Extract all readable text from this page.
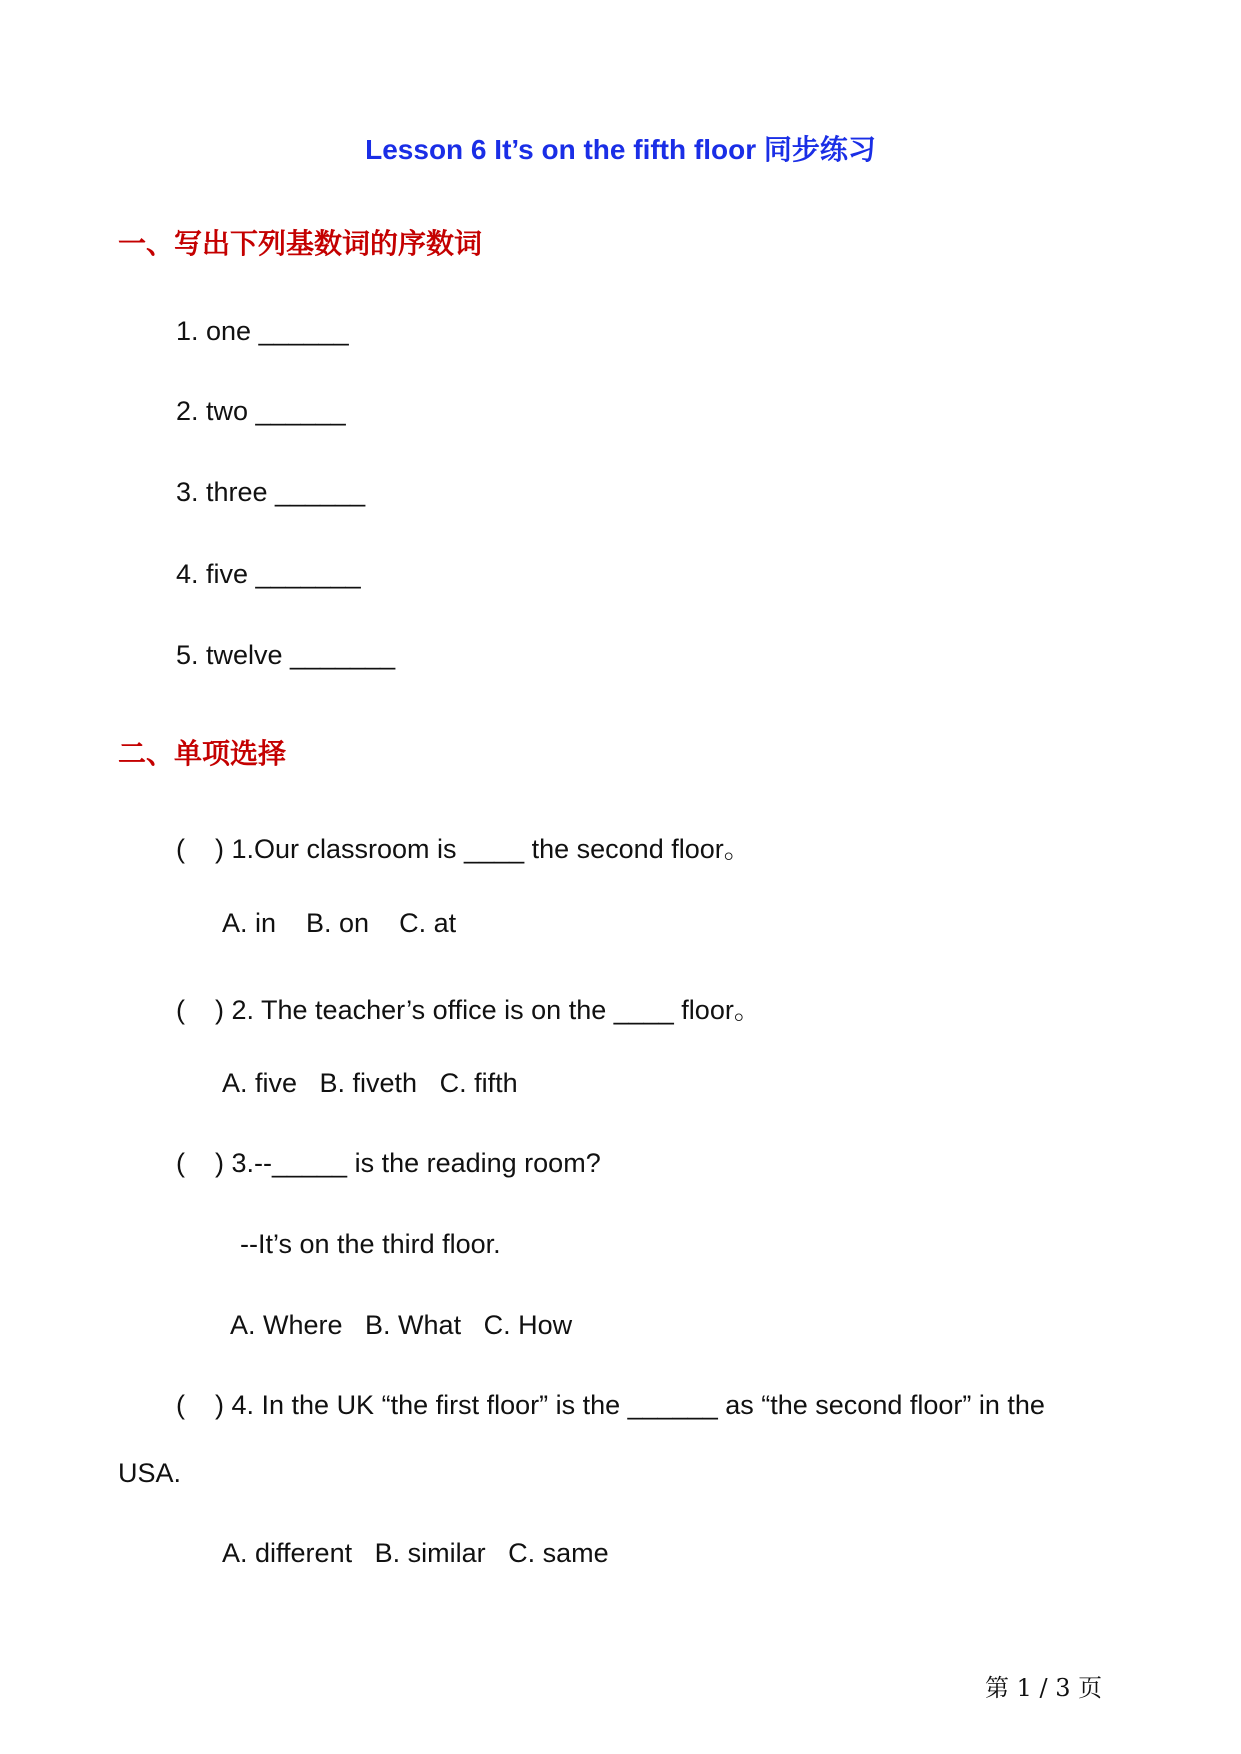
Lesson 6 It’s on the fifth floor 同步练习
一、写出下列基数词的序数词
1. one ______
2. two ______
3. three ______
4. five _______
5. twelve _______
二、单项选择
(    ) 1.Our classroom is ____ the second floor。
A. in    B. on    C. at
(    ) 2. The teacher’s office is on the ____ floor。
A. five   B. fiveth   C. fifth
(    ) 3.--_____ is the reading room?
--It’s on the third floor.
A. Where   B. What   C. How
(    ) 4. In the UK “the first floor” is the ______ as “the second floor” in the
USA.
A. different   B. similar   C. same
第 1 / 3 页
